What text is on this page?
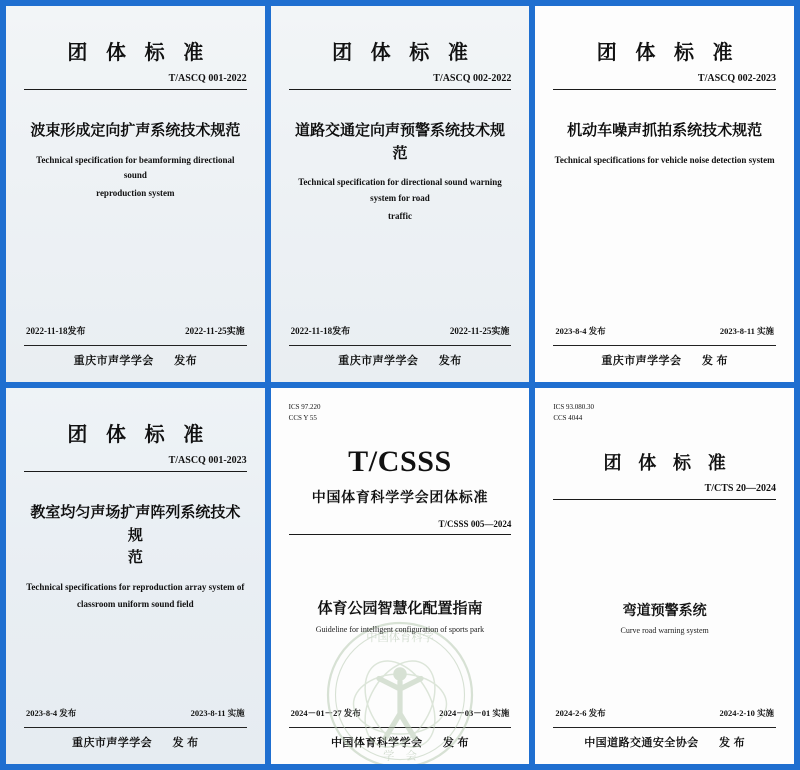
团 体 标 准
T/ASCQ 001-2022
波束形成定向扩声系统技术规范
Technical specification for beamforming directional sound
reproduction system
2022-11-18发布	2022-11-25实施
重庆市声学学会 发布
团 体 标 准
T/ASCQ 002-2022
道路交通定向声预警系统技术规范
Technical specification for directional sound warning system for road
traffic
2022-11-18发布	2022-11-25实施
重庆市声学学会 发布
团 体 标 准
T/ASCQ 002-2023
机动车噪声抓拍系统技术规范
Technical specifications for vehicle noise detection system
2023-8-4 发布	2023-8-11 实施
重庆市声学学会 发 布
团 体 标 准
T/ASCQ 001-2023
教室均匀声场扩声阵列系统技术规
范
Technical specifications for reproduction array system of
classroom uniform sound field
2023-8-4 发布	2023-8-11 实施
重庆市声学学会 发 布
ICS 97.220
CCS Y 55
T/CSSS
中国体育科学学会团体标准
T/CSSS 005—2024
中国体育科学
学　会
体育公园智慧化配置指南
Guideline for intelligent configuration of sports park
2024－01－27 发布	2024－03－01 实施
中国体育科学学会 发 布
ICS 93.080.30
CCS 4044
团 体 标 准
T/CTS 20—2024
弯道预警系统
Curve road warning system
2024-2-6 发布	2024-2-10 实施
中国道路交通安全协会 发 布
